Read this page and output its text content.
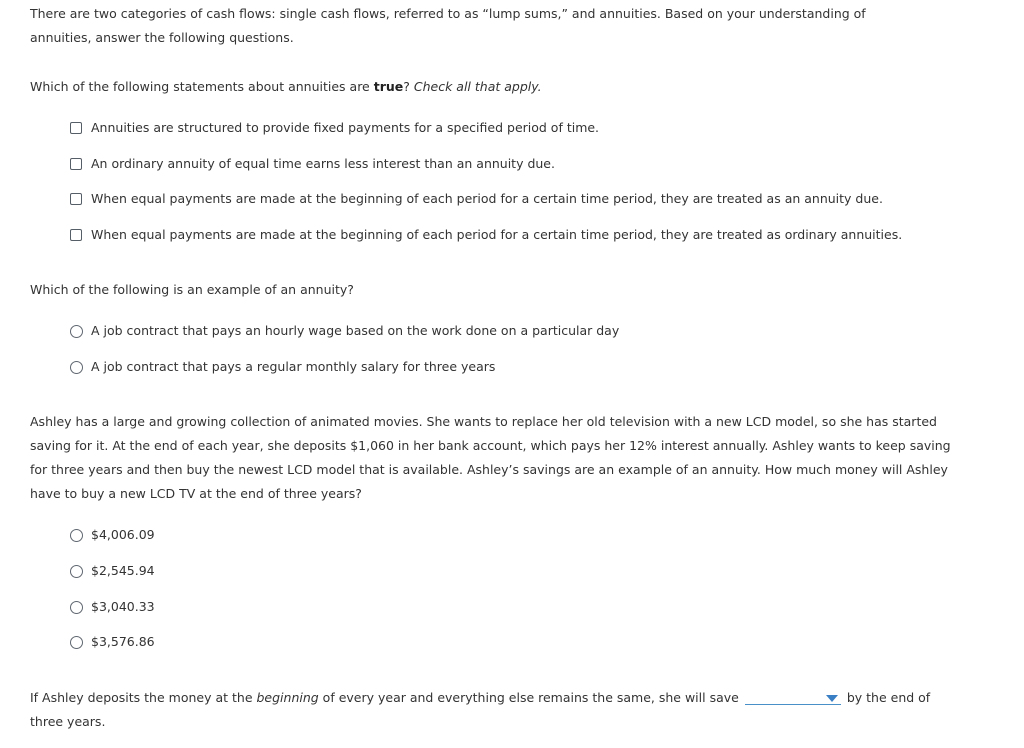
There are two categories of cash flows: single cash flows, referred to as “lump sums,” and annuities. Based on your understanding of annuities, answer the following questions.

Which of the following statements about annuities are true? Check all that apply.

Annuities are structured to provide fixed payments for a specified period of time.
An ordinary annuity of equal time earns less interest than an annuity due.
When equal payments are made at the beginning of each period for a certain time period, they are treated as an annuity due.
When equal payments are made at the beginning of each period for a certain time period, they are treated as ordinary annuities.

Which of the following is an example of an annuity?

A job contract that pays an hourly wage based on the work done on a particular day
A job contract that pays a regular monthly salary for three years

Ashley has a large and growing collection of animated movies. She wants to replace her old television with a new LCD model, so she has started saving for it. At the end of each year, she deposits $1,060 in her bank account, which pays her 12% interest annually. Ashley wants to keep saving for three years and then buy the newest LCD model that is available. Ashley’s savings are an example of an annuity. How much money will Ashley have to buy a new LCD TV at the end of three years?

$4,006.09
$2,545.94
$3,040.33
$3,576.86

If Ashley deposits the money at the beginning of every year and everything else remains the same, she will save	by the end of three years.
